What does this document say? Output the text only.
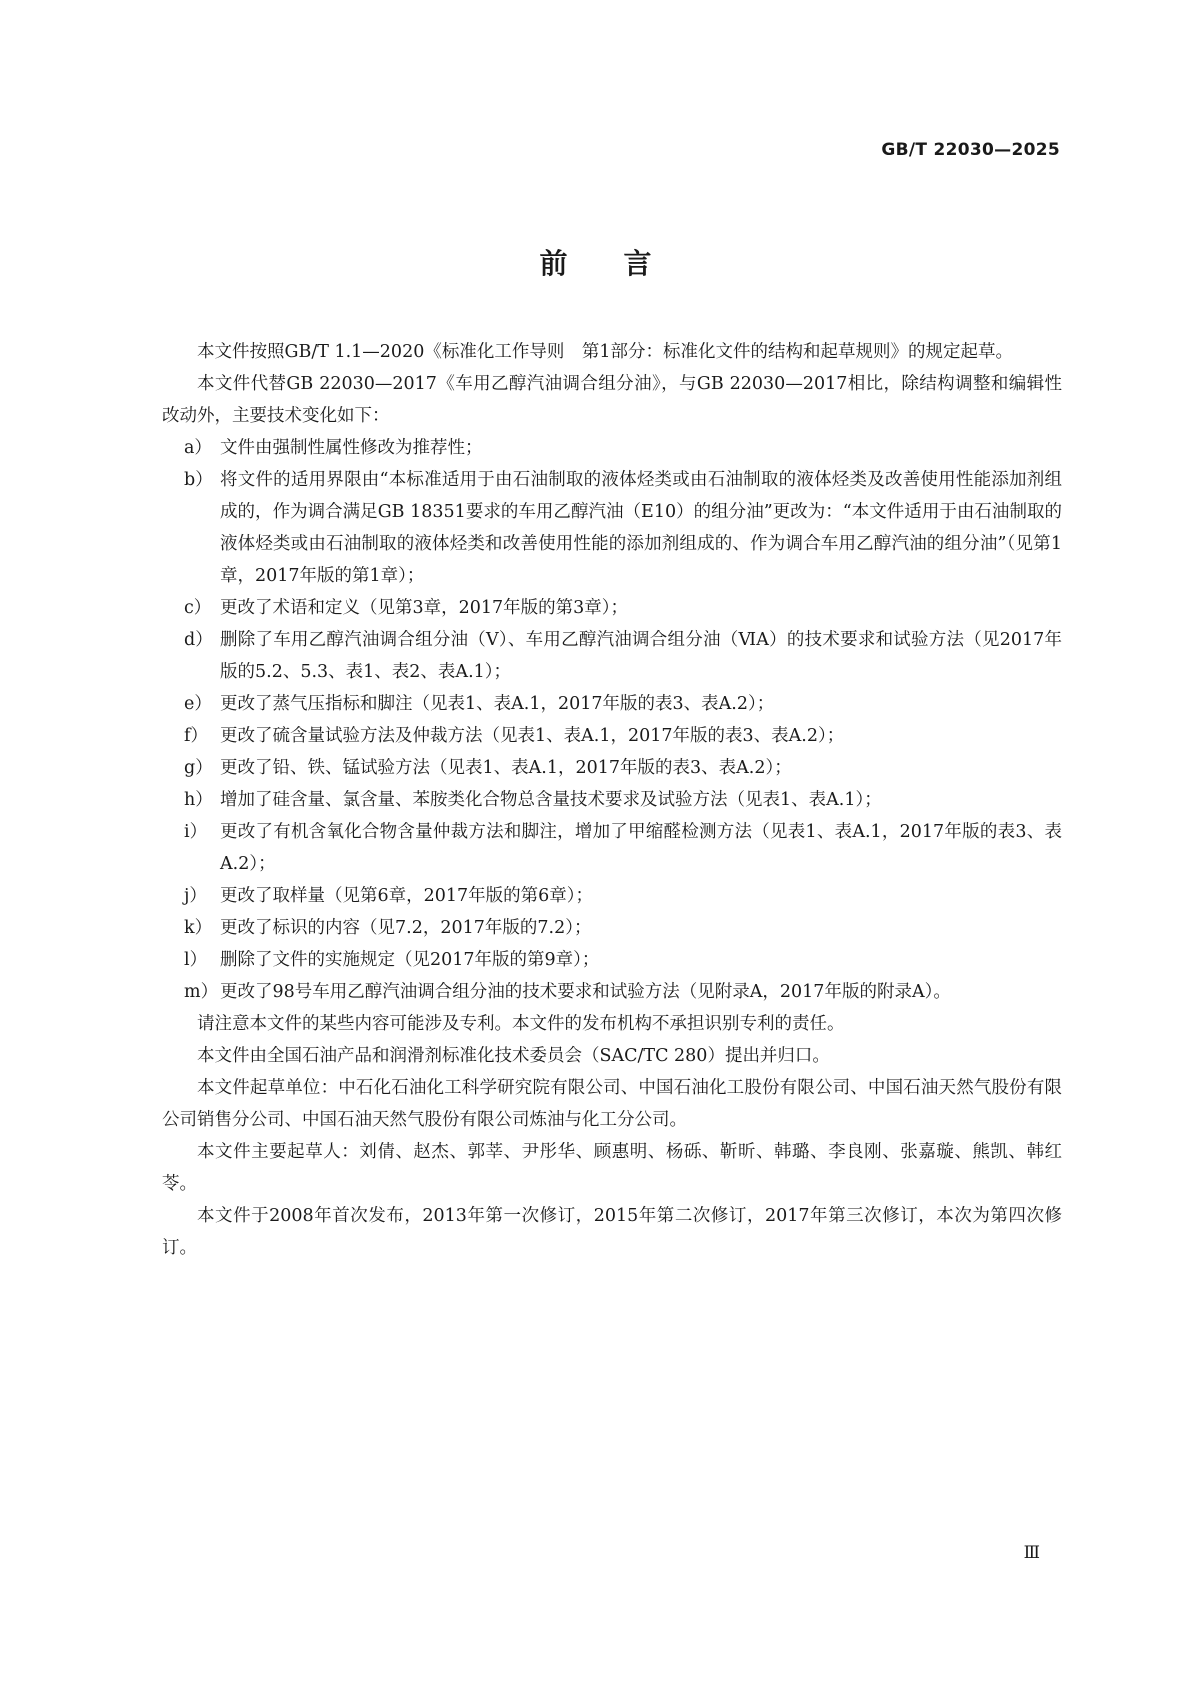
GB/T 22030—2025
前言

本文件按照GB/T 1.1—2020《标准化工作导则　第1部分：标准化文件的结构和起草规则》的规定起草。

本文件代替GB 22030—2017《车用乙醇汽油调合组分油》，与GB 22030—2017相比，除结构调整和编辑性改动外，主要技术变化如下：

a） 文件由强制性属性修改为推荐性；
b） 将文件的适用界限由“本标准适用于由石油制取的液体烃类或由石油制取的液体烃类及改善使用性能添加剂组成的，作为调合满足GB 18351要求的车用乙醇汽油（E10）的组分油”更改为：“本文件适用于由石油制取的液体烃类或由石油制取的液体烃类和改善使用性能的添加剂组成的、作为调合车用乙醇汽油的组分油”（见第1章，2017年版的第1章）；
c） 更改了术语和定义（见第3章，2017年版的第3章）；
d） 删除了车用乙醇汽油调合组分油（Ⅴ）、车用乙醇汽油调合组分油（ⅥA）的技术要求和试验方法（见2017年版的5.2、5.3、表1、表2、表A.1）；
e） 更改了蒸气压指标和脚注（见表1、表A.1，2017年版的表3、表A.2）；
f） 更改了硫含量试验方法及仲裁方法（见表1、表A.1，2017年版的表3、表A.2）；
g） 更改了铅、铁、锰试验方法（见表1、表A.1，2017年版的表3、表A.2）；
h） 增加了硅含量、氯含量、苯胺类化合物总含量技术要求及试验方法（见表1、表A.1）；
i） 更改了有机含氧化合物含量仲裁方法和脚注，增加了甲缩醛检测方法（见表1、表A.1，2017年版的表3、表A.2）；
j） 更改了取样量（见第6章，2017年版的第6章）；
k） 更改了标识的内容（见7.2，2017年版的7.2）；
l） 删除了文件的实施规定（见2017年版的第9章）；
m） 更改了98号车用乙醇汽油调合组分油的技术要求和试验方法（见附录A，2017年版的附录A）。

请注意本文件的某些内容可能涉及专利。本文件的发布机构不承担识别专利的责任。

本文件由全国石油产品和润滑剂标准化技术委员会（SAC/TC 280）提出并归口。

本文件起草单位：中石化石油化工科学研究院有限公司、中国石油化工股份有限公司、中国石油天然气股份有限公司销售分公司、中国石油天然气股份有限公司炼油与化工分公司。

本文件主要起草人：刘倩、赵杰、郭莘、尹彤华、顾惠明、杨砾、靳昕、韩璐、李良刚、张嘉璇、熊凯、韩红苓。

本文件于2008年首次发布，2013年第一次修订，2015年第二次修订，2017年第三次修订，本次为第四次修订。

Ⅲ
